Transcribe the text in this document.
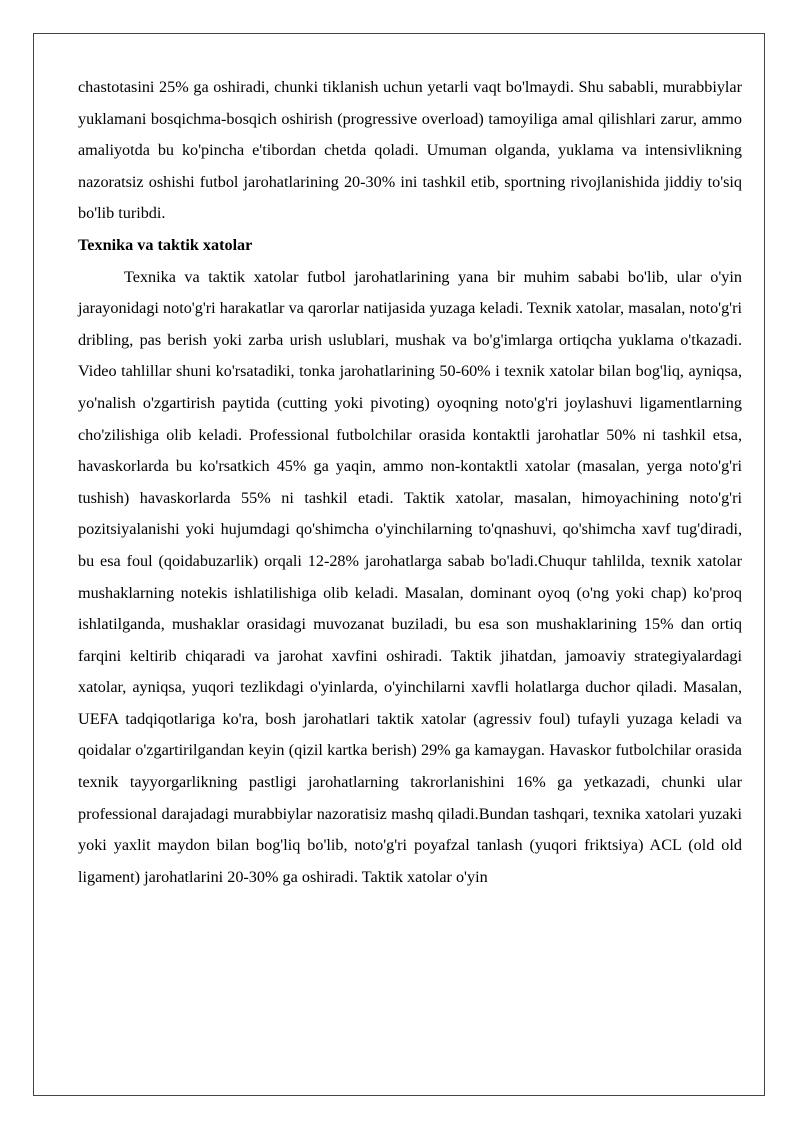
chastotasini 25% ga oshiradi, chunki tiklanish uchun yetarli vaqt bo'lmaydi. Shu sababli, murabbiylar yuklamani bosqichma-bosqich oshirish (progressive overload) tamoyiliga amal qilishlari zarur, ammo amaliyotda bu ko'pincha e'tibordan chetda qoladi. Umuman olganda, yuklama va intensivlikning nazoratsiz oshishi futbol jarohatlarining 20-30% ini tashkil etib, sportning rivojlanishida jiddiy to'siq bo'lib turibdi.

Texnika va taktik xatolar

Texnika va taktik xatolar futbol jarohatlarining yana bir muhim sababi bo'lib, ular o'yin jarayonidagi noto'g'ri harakatlar va qarorlar natijasida yuzaga keladi. Texnik xatolar, masalan, noto'g'ri dribling, pas berish yoki zarba urish uslublari, mushak va bo'g'imlarga ortiqcha yuklama o'tkazadi. Video tahlillar shuni ko'rsatadiki, tonka jarohatlarining 50-60% i texnik xatolar bilan bog'liq, ayniqsa, yo'nalish o'zgartirish paytida (cutting yoki pivoting) oyoqning noto'g'ri joylashuvi ligamentlarning cho'zilishiga olib keladi. Professional futbolchilar orasida kontaktli jarohatlar 50% ni tashkil etsa, havaskorlarda bu ko'rsatkich 45% ga yaqin, ammo non-kontaktli xatolar (masalan, yerga noto'g'ri tushish) havaskorlarda 55% ni tashkil etadi. Taktik xatolar, masalan, himoyachining noto'g'ri pozitsiyalanishi yoki hujumdagi qo'shimcha o'yinchilarning to'qnashuvi, qo'shimcha xavf tug'diradi, bu esa foul (qoidabuzarlik) orqali 12-28% jarohatlarga sabab bo'ladi.Chuqur tahlilda, texnik xatolar mushaklarning notekis ishlatilishiga olib keladi. Masalan, dominant oyoq (o'ng yoki chap) ko'proq ishlatilganda, mushaklar orasidagi muvozanat buziladi, bu esa son mushaklarining 15% dan ortiq farqini keltirib chiqaradi va jarohat xavfini oshiradi. Taktik jihatdan, jamoaviy strategiyalardagi xatolar, ayniqsa, yuqori tezlikdagi o'yinlarda, o'yinchilarni xavfli holatlarga duchor qiladi. Masalan, UEFA tadqiqotlariga ko'ra, bosh jarohatlari taktik xatolar (agressiv foul) tufayli yuzaga keladi va qoidalar o'zgartirilgandan keyin (qizil kartka berish) 29% ga kamaygan. Havaskor futbolchilar orasida texnik tayyorgarlikning pastligi jarohatlarning takrorlanishini 16% ga yetkazadi, chunki ular professional darajadagi murabbiylar nazoratisiz mashq qiladi.Bundan tashqari, texnika xatolari yuzaki yoki yaxlit maydon bilan bog'liq bo'lib, noto'g'ri poyafzal tanlash (yuqori friktsiya) ACL (old old ligament) jarohatlarini 20-30% ga oshiradi. Taktik xatolar o'yin
